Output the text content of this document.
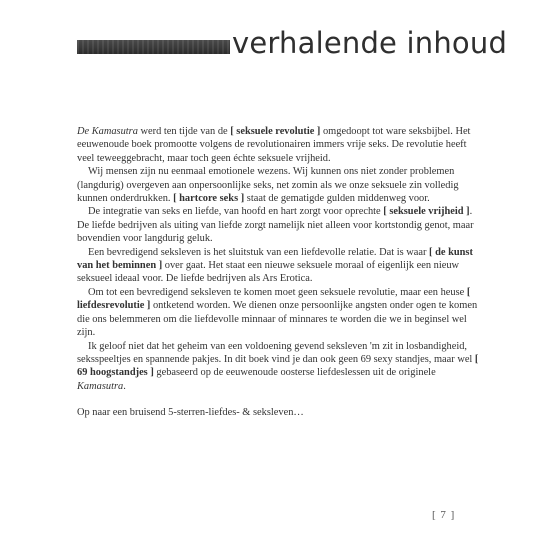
verhalende inhoud

De Kamasutra werd ten tijde van de [ seksuele revolutie ] omgedoopt tot ware seksbijbel. Het eeuwenoude boek promootte volgens de revolutionairen immers vrije seks. De revolutie heeft veel teweeggebracht, maar toch geen échte seksuele vrijheid.

Wij mensen zijn nu eenmaal emotionele wezens. Wij kunnen ons niet zonder problemen (langdurig) overgeven aan onpersoonlijke seks, net zomin als we onze seksuele zin volledig kunnen onderdrukken. [ hartcore seks ] staat de gematigde gulden middenweg voor.

De integratie van seks en liefde, van hoofd en hart zorgt voor oprechte [ seksuele vrijheid ]. De liefde bedrijven als uiting van liefde zorgt namelijk niet alleen voor kortstondig genot, maar bovendien voor langdurig geluk.

Een bevredigend seksleven is het sluitstuk van een liefdevolle relatie. Dat is waar [ de kunst van het beminnen ] over gaat. Het staat een nieuwe seksuele moraal of eigenlijk een nieuw seksueel ideaal voor. De liefde bedrijven als Ars Erotica.

Om tot een bevredigend seksleven te komen moet geen seksuele revolutie, maar een heuse [ liefdesrevolutie ] ontketend worden. We dienen onze persoonlijke angsten onder ogen te komen die ons belemmeren om die liefdevolle minnaar of minnares te worden die we in beginsel wel zijn.

Ik geloof niet dat het geheim van een voldoening gevend seksleven 'm zit in losbandigheid, seksspeeltjes en spannende pakjes. In dit boek vind je dan ook geen 69 sexy standjes, maar wel [ 69 hoogstandjes ] gebaseerd op de eeuwenoude oosterse liefdeslessen uit de originele Kamasutra.

Op naar een bruisend 5-sterren-liefdes- & seksleven…

[ 7 ]
